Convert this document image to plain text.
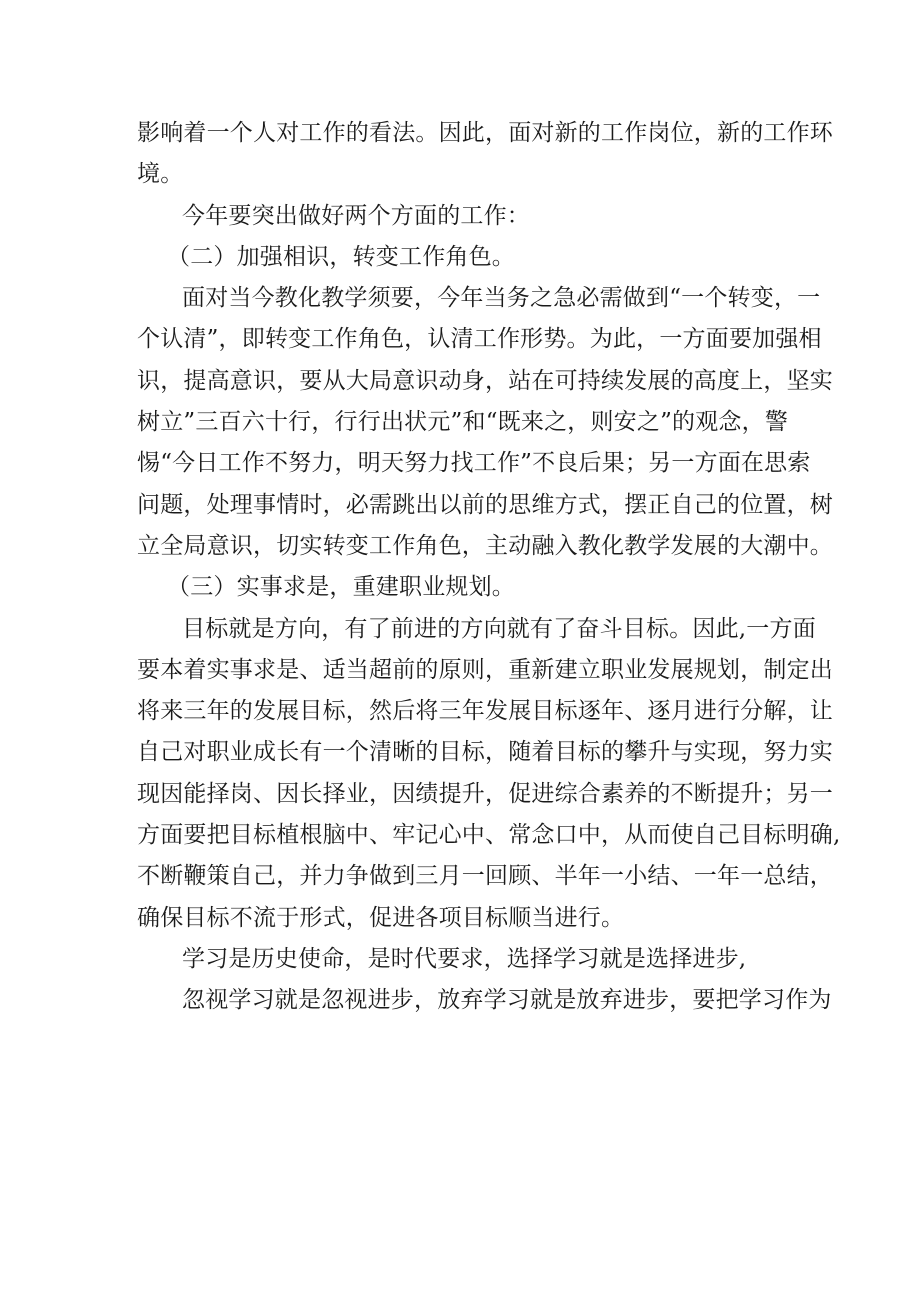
影响着一个人对工作的看法。因此，面对新的工作岗位，新的工作环
境。
今年要突出做好两个方面的工作：
（二）加强相识，转变工作角色。
面对当今教化教学须要，今年当务之急必需做到“一个转变，一
个认清”，即转变工作角色，认清工作形势。为此，一方面要加强相
识，提高意识，要从大局意识动身，站在可持续发展的高度上，坚实
树立”三百六十行，行行出状元”和“既来之，则安之”的观念，警
惕“今日工作不努力，明天努力找工作”不良后果；另一方面在思索
问题，处理事情时，必需跳出以前的思维方式，摆正自己的位置，树
立全局意识，切实转变工作角色，主动融入教化教学发展的大潮中。
（三）实事求是，重建职业规划。
目标就是方向，有了前进的方向就有了奋斗目标。因此,一方面
要本着实事求是、适当超前的原则，重新建立职业发展规划，制定出
将来三年的发展目标，然后将三年发展目标逐年、逐月进行分解，让
自己对职业成长有一个清晰的目标，随着目标的攀升与实现，努力实
现因能择岗、因长择业，因绩提升，促进综合素养的不断提升；另一
方面要把目标植根脑中、牢记心中、常念口中，从而使自己目标明确,
不断鞭策自己，并力争做到三月一回顾、半年一小结、一年一总结，
确保目标不流于形式，促进各项目标顺当进行。
学习是历史使命，是时代要求，选择学习就是选择进步,
忽视学习就是忽视进步，放弃学习就是放弃进步，要把学习作为
